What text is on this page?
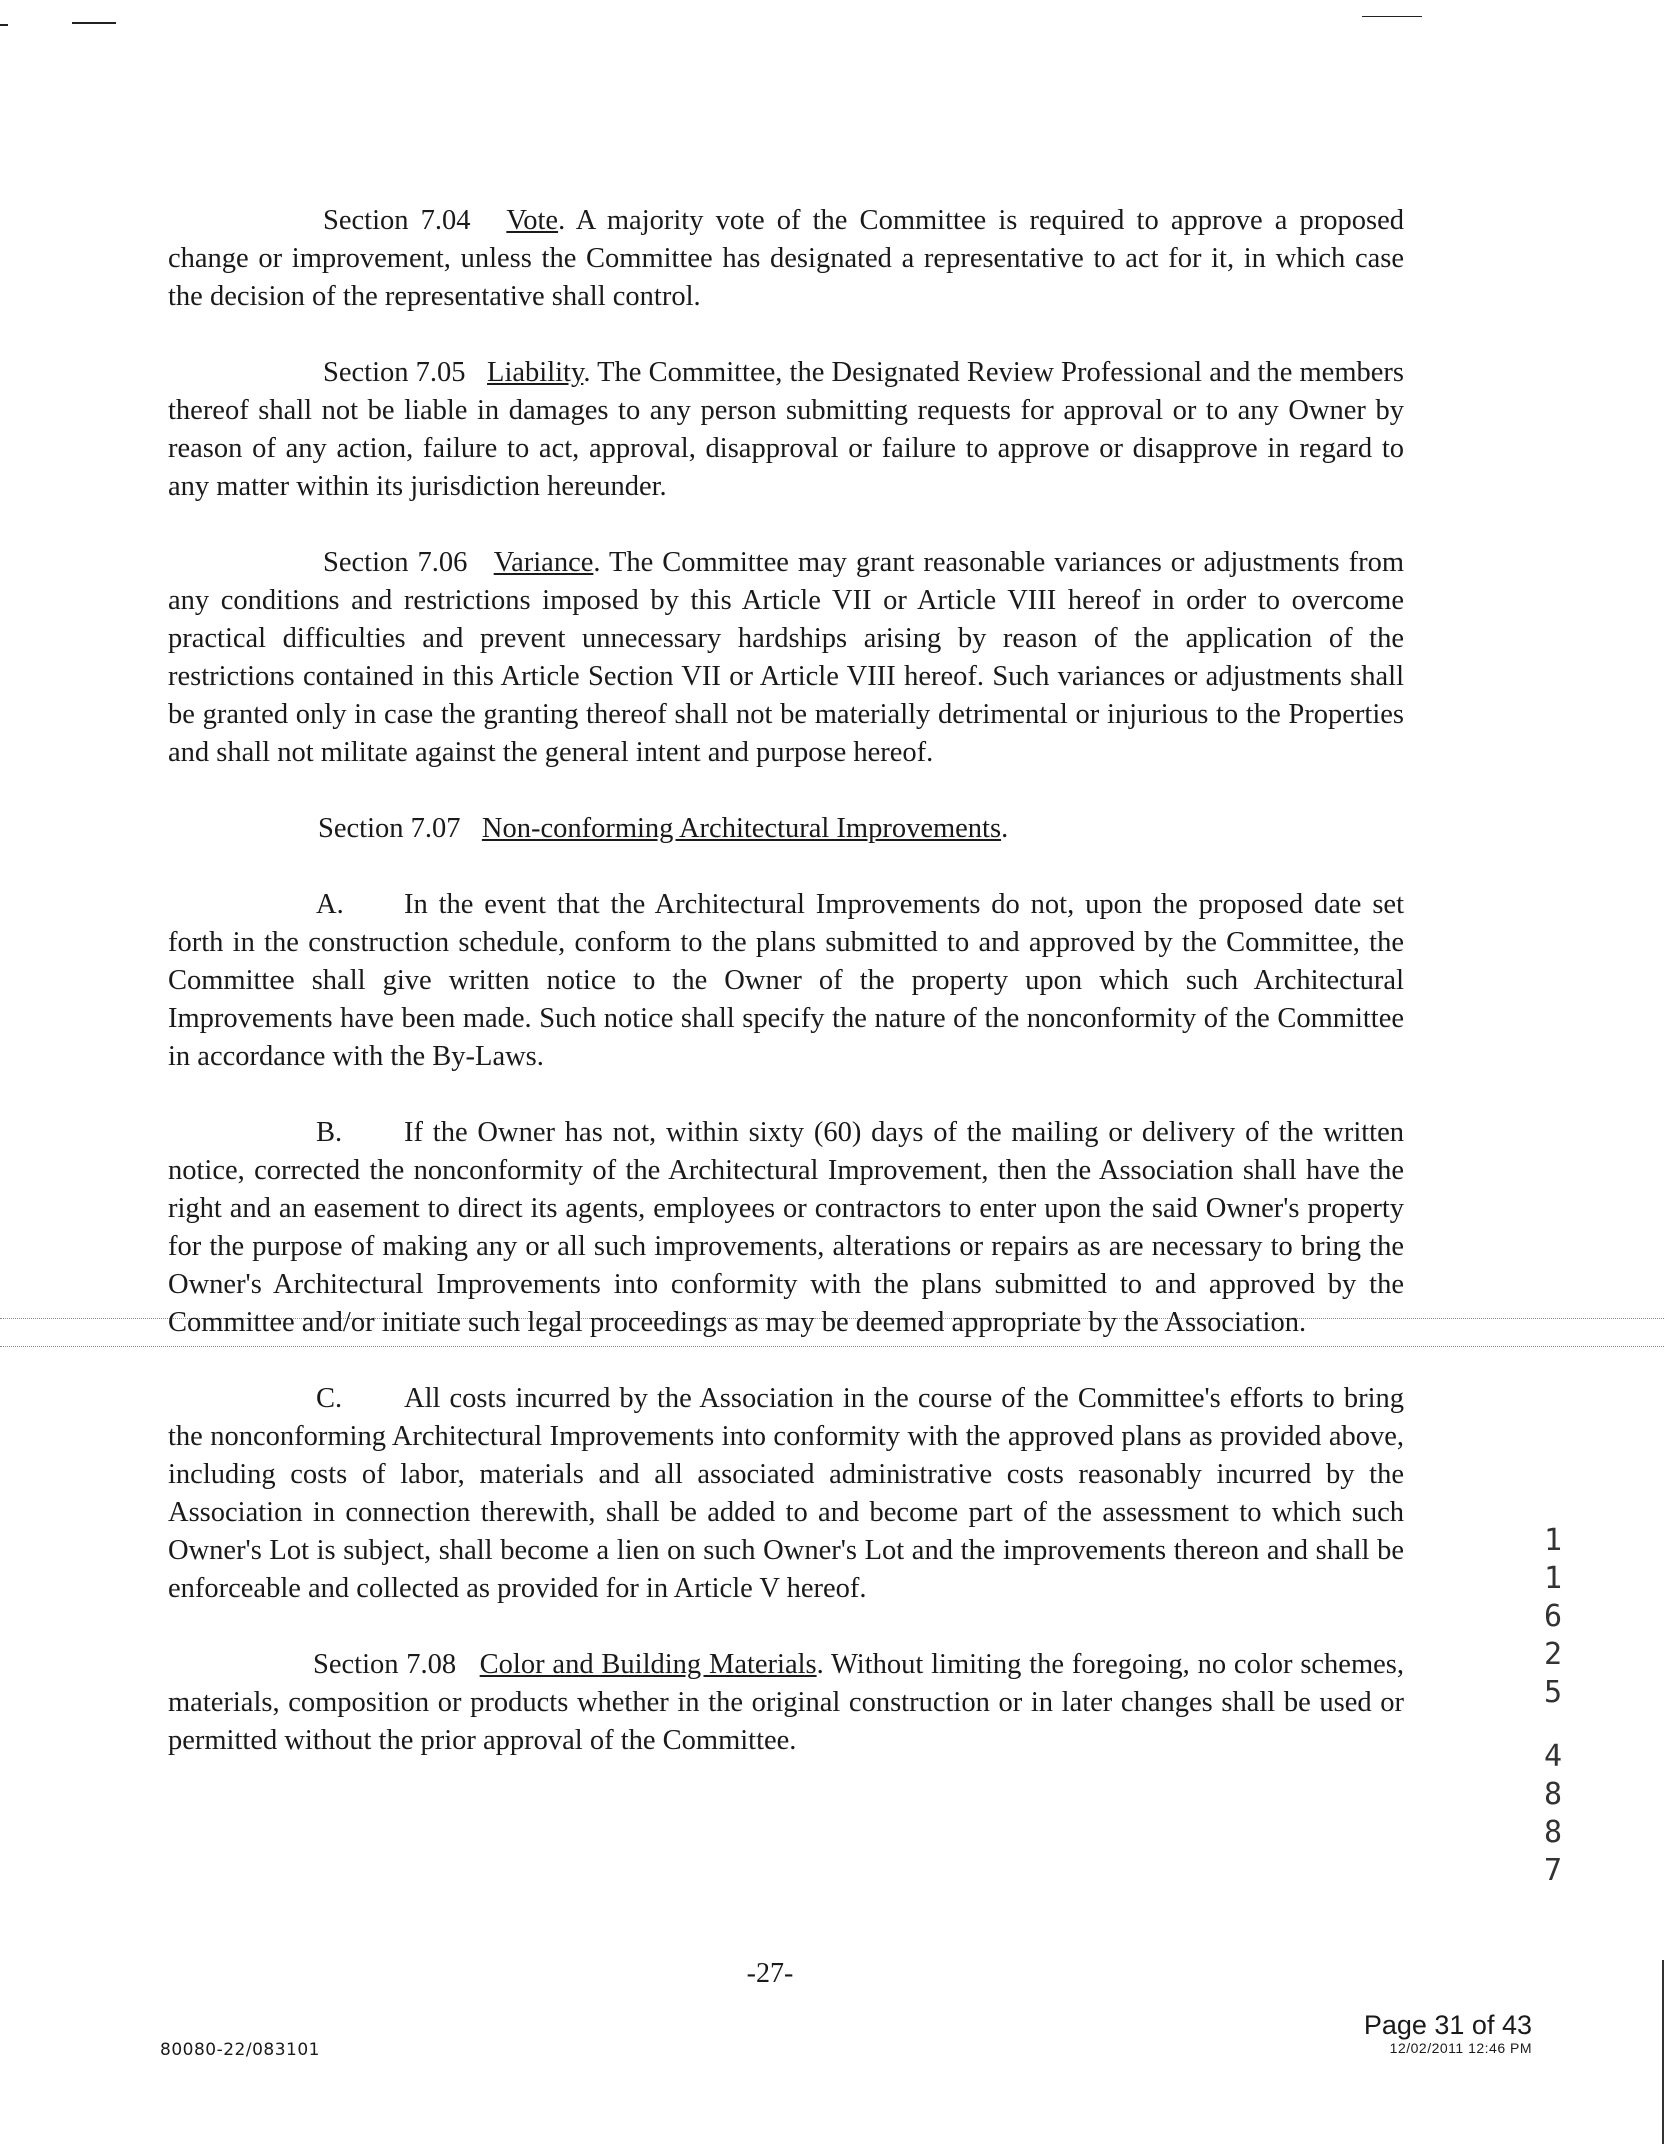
Section 7.04 Vote. A majority vote of the Committee is required to approve a proposed change or improvement, unless the Committee has designated a representative to act for it, in which case the decision of the representative shall control.

Section 7.05 Liability. The Committee, the Designated Review Professional and the members thereof shall not be liable in damages to any person submitting requests for approval or to any Owner by reason of any action, failure to act, approval, disapproval or failure to approve or disapprove in regard to any matter within its jurisdiction hereunder.

Section 7.06 Variance. The Committee may grant reasonable variances or adjustments from any conditions and restrictions imposed by this Article VII or Article VIII hereof in order to overcome practical difficulties and prevent unnecessary hardships arising by reason of the application of the restrictions contained in this Article Section VII or Article VIII hereof. Such variances or adjustments shall be granted only in case the granting thereof shall not be materially detrimental or injurious to the Properties and shall not militate against the general intent and purpose hereof.

Section 7.07 Non-conforming Architectural Improvements.

A. In the event that the Architectural Improvements do not, upon the proposed date set forth in the construction schedule, conform to the plans submitted to and approved by the Committee, the Committee shall give written notice to the Owner of the property upon which such Architectural Improvements have been made. Such notice shall specify the nature of the nonconformity of the Committee in accordance with the By-Laws.

B. If the Owner has not, within sixty (60) days of the mailing or delivery of the written notice, corrected the nonconformity of the Architectural Improvement, then the Association shall have the right and an easement to direct its agents, employees or contractors to enter upon the said Owner's property for the purpose of making any or all such improvements, alterations or repairs as are necessary to bring the Owner's Architectural Improvements into conformity with the plans submitted to and approved by the Committee and/or initiate such legal proceedings as may be deemed appropriate by the Association.

C. All costs incurred by the Association in the course of the Committee's efforts to bring the nonconforming Architectural Improvements into conformity with the approved plans as provided above, including costs of labor, materials and all associated administrative costs reasonably incurred by the Association in connection therewith, shall be added to and become part of the assessment to which such Owner's Lot is subject, shall become a lien on such Owner's Lot and the improvements thereon and shall be enforceable and collected as provided for in Article V hereof.

Section 7.08 Color and Building Materials. Without limiting the foregoing, no color schemes, materials, composition or products whether in the original construction or in later changes shall be used or permitted without the prior approval of the Committee.

1
1
6
2
5
4
8
8
7
-27-
80080-22/083101
Page 31 of 43
12/02/2011 12:46 PM
